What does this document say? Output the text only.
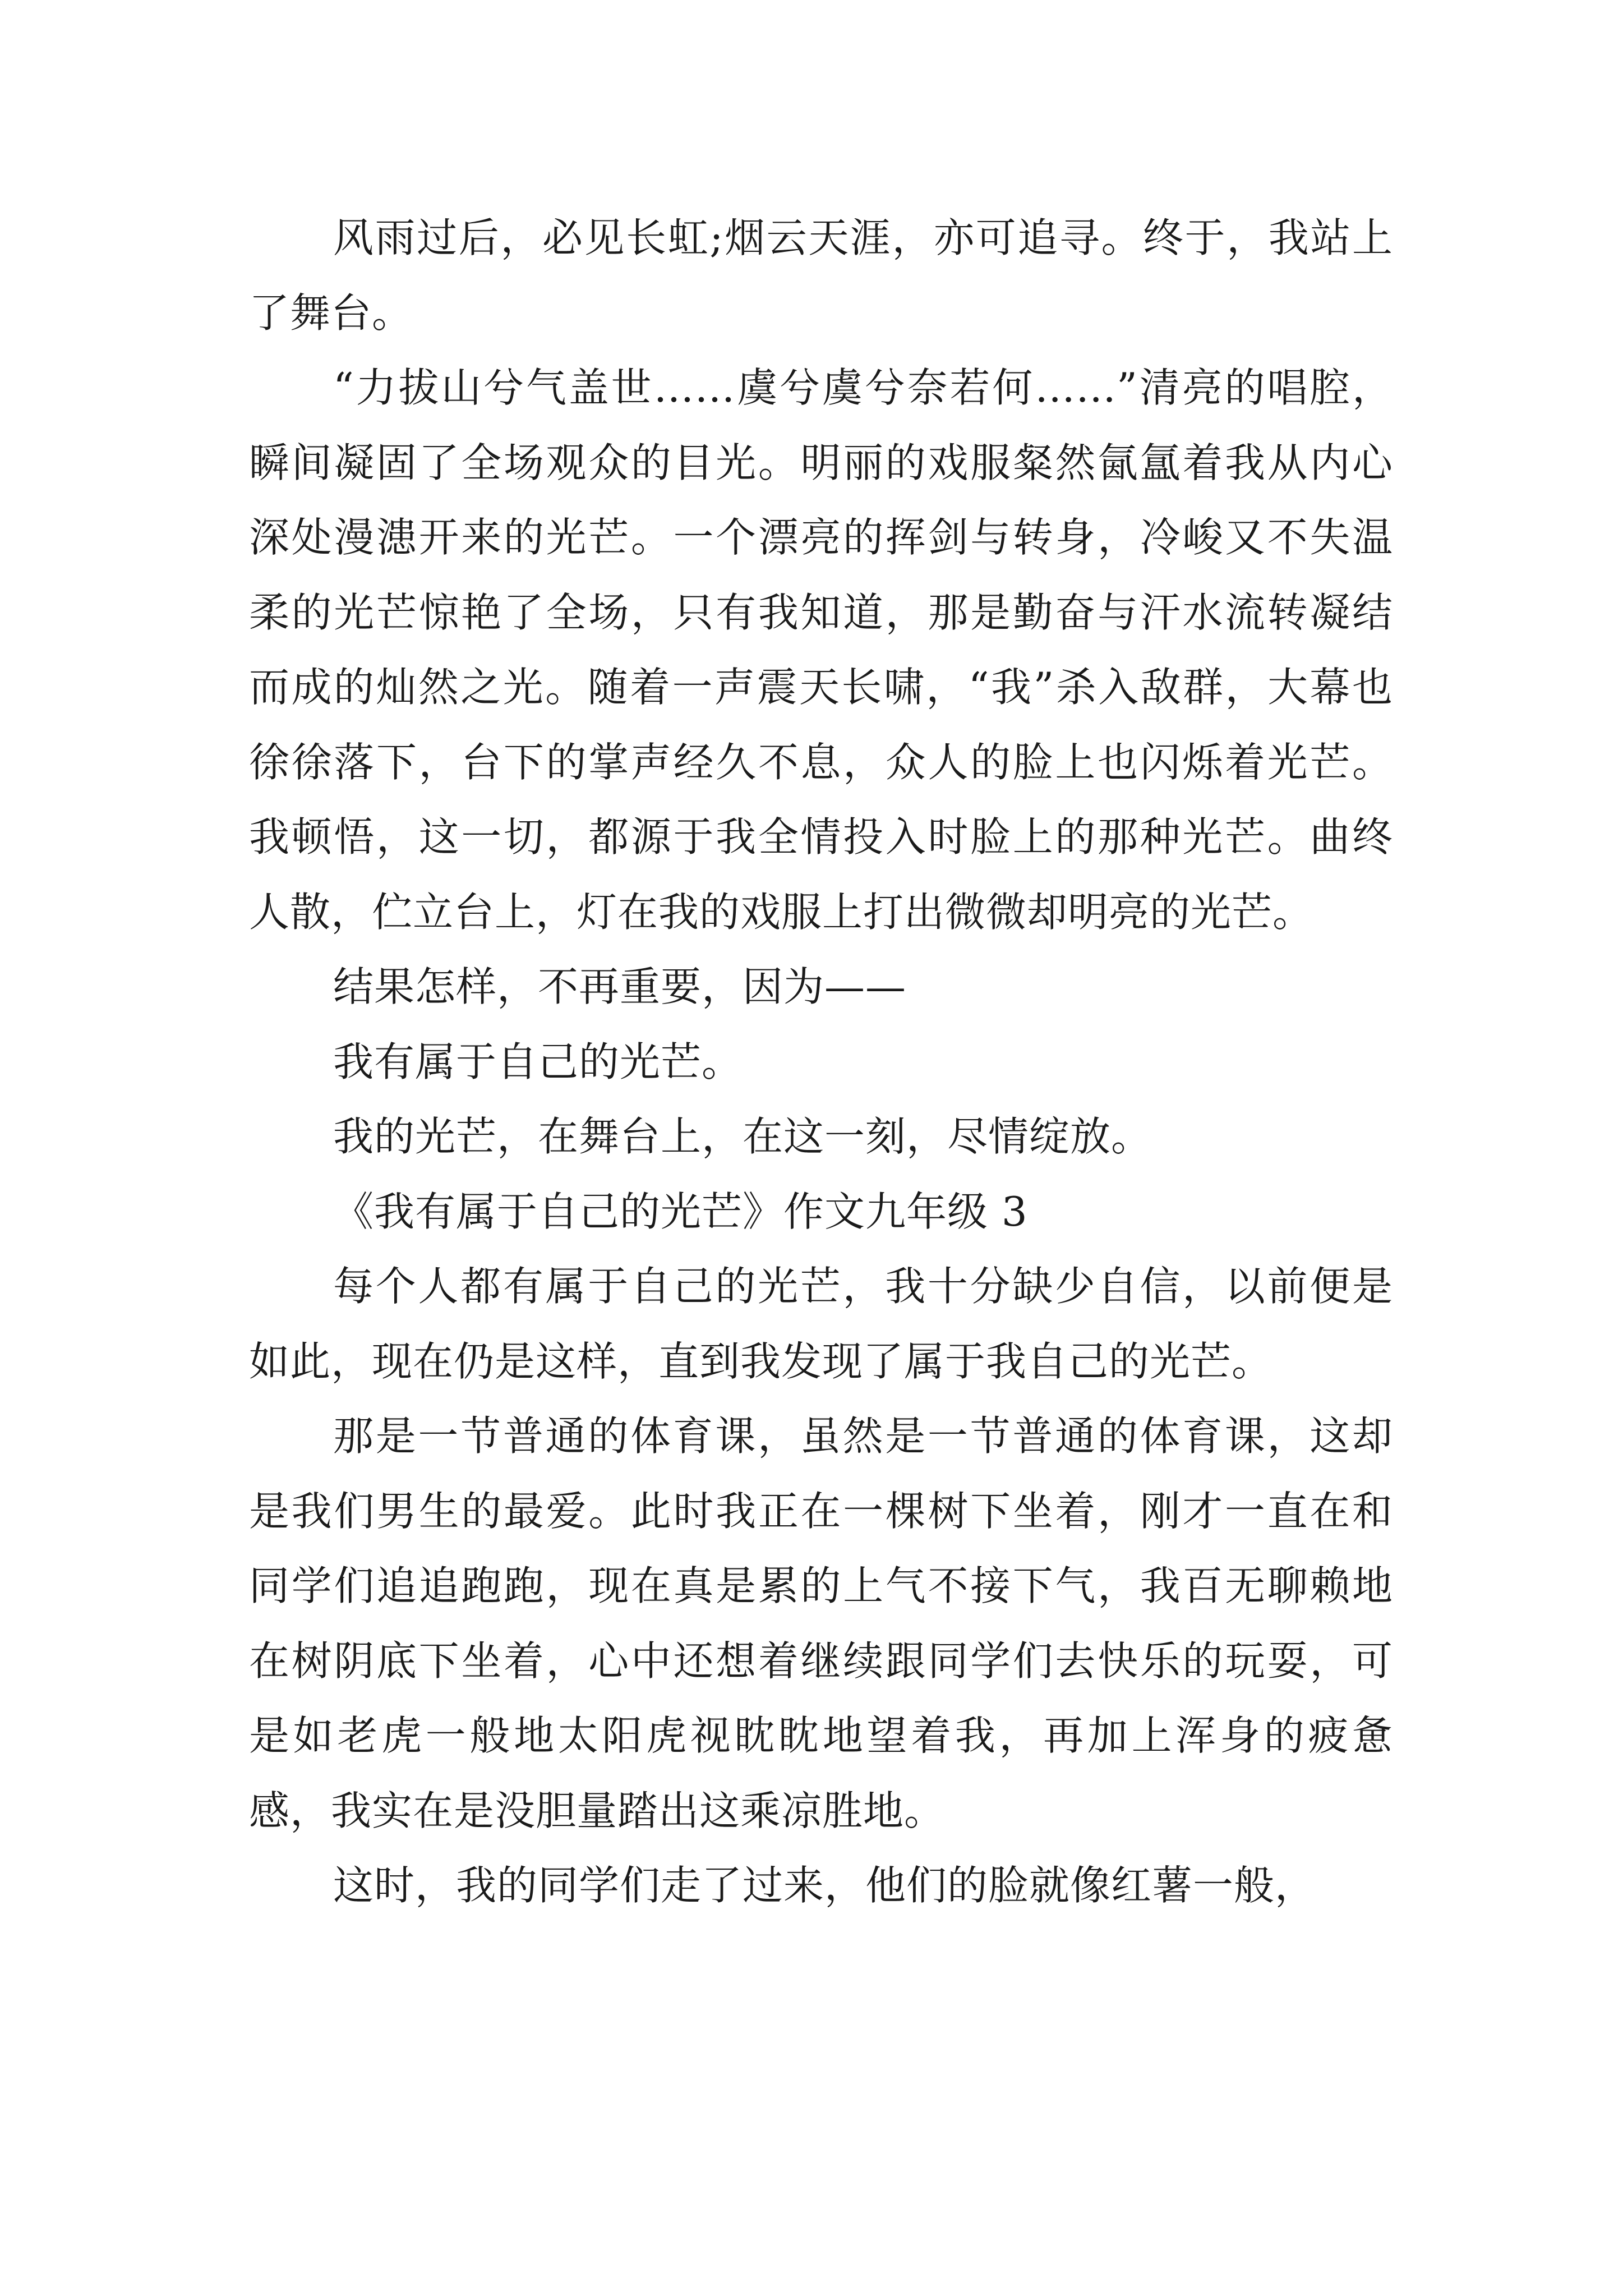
风雨过后，必见长虹;烟云天涯，亦可追寻。终于，我站上了舞台。

“力拔山兮气盖世……虞兮虞兮奈若何……”清亮的唱腔，瞬间凝固了全场观众的目光。明丽的戏服粲然氤氲着我从内心深处漫漶开来的光芒。一个漂亮的挥剑与转身，冷峻又不失温柔的光芒惊艳了全场，只有我知道，那是勤奋与汗水流转凝结而成的灿然之光。随着一声震天长啸，“我”杀入敌群，大幕也徐徐落下，台下的掌声经久不息，众人的脸上也闪烁着光芒。我顿悟，这一切，都源于我全情投入时脸上的那种光芒。曲终人散，伫立台上，灯在我的戏服上打出微微却明亮的光芒。

结果怎样，不再重要，因为——

我有属于自己的光芒。

我的光芒，在舞台上，在这一刻，尽情绽放。

《我有属于自己的光芒》作文九年级 3

每个人都有属于自己的光芒，我十分缺少自信，以前便是如此，现在仍是这样，直到我发现了属于我自己的光芒。

那是一节普通的体育课，虽然是一节普通的体育课，这却是我们男生的最爱。此时我正在一棵树下坐着，刚才一直在和同学们追追跑跑，现在真是累的上气不接下气，我百无聊赖地在树阴底下坐着，心中还想着继续跟同学们去快乐的玩耍，可是如老虎一般地太阳虎视眈眈地望着我，再加上浑身的疲惫感，我实在是没胆量踏出这乘凉胜地。

这时，我的同学们走了过来，他们的脸就像红薯一般，
